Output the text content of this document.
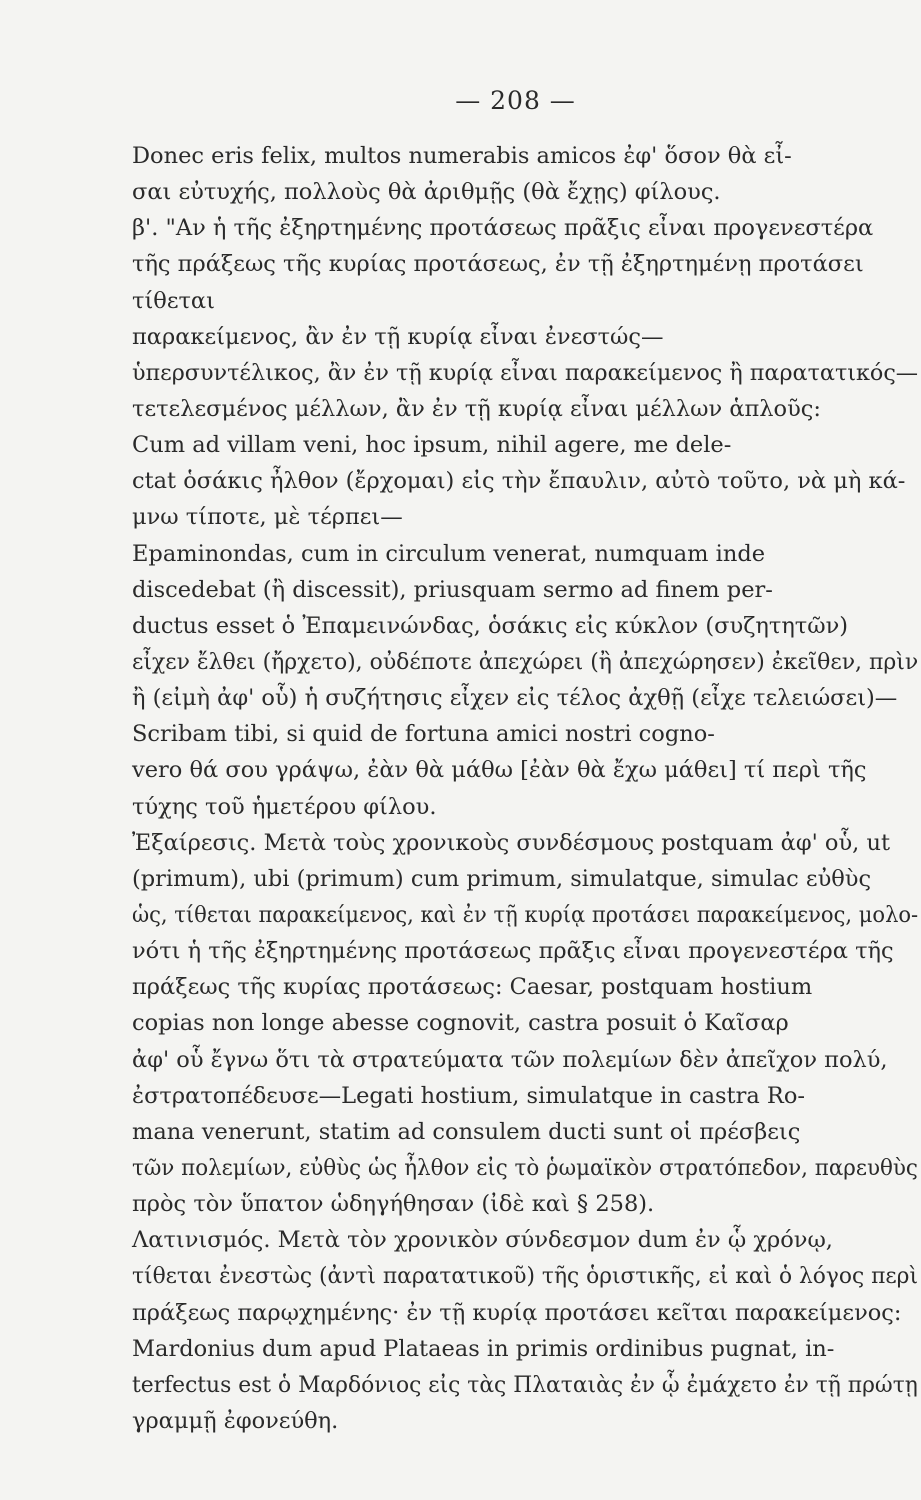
— 208 —
Donec eris felix, multos numerabis amicos ἐφ' ὅσον θὰ εἶ-
σαι εὐτυχής, πολλοὺς θὰ ἀριθμῇς (θὰ ἔχῃς) φίλους.
β'. "Αν ἡ τῆς ἐξηρτημένης προτάσεως πρᾶξις εἶναι προγενεστέρα
τῆς πράξεως τῆς κυρίας προτάσεως, ἐν τῇ ἐξηρτημένῃ προτάσει
τίθεται
παρακείμενος, ἂν ἐν τῇ κυρίᾳ εἶναι ἐνεστώς—
ὑπερσυντέλικος, ἂν ἐν τῇ κυρίᾳ εἶναι παρακείμενος ἢ παρατατικός—
τετελεσμένος μέλλων, ἂν ἐν τῇ κυρίᾳ εἶναι μέλλων ἁπλοῦς:
Cum ad villam veni, hoc ipsum, nihil agere, me dele-
ctat ὁσάκις ἦλθον (ἔρχομαι) εἰς τὴν ἔπαυλιν, αὐτὸ τοῦτο, νὰ μὴ κά-
μνω τίποτε, μὲ τέρπει—
Epaminondas, cum in circulum venerat, numquam inde
discedebat (ἢ discessit), priusquam sermo ad finem per-
ductus esset ὁ Ἐπαμεινώνδας, ὁσάκις εἰς κύκλον (συζητητῶν)
εἶχεν ἔλθει (ἤρχετο), οὐδέποτε ἀπεχώρει (ἢ ἀπεχώρησεν) ἐκεῖθεν, πρὶν
ἢ (εἰμὴ ἀφ' οὗ) ἡ συζήτησις εἶχεν εἰς τέλος ἀχθῇ (εἶχε τελειώσει)—
Scribam tibi, si quid de fortuna amici nostri cogno-
vero θά σου γράψω, ἐὰν θὰ μάθω [ἐὰν θὰ ἔχω μάθει] τί περὶ τῆς
τύχης τοῦ ἡμετέρου φίλου.
Ἐξαίρεσις. Μετὰ τοὺς χρονικοὺς συνδέσμους postquam ἀφ' οὗ, ut
(primum), ubi (primum) cum primum, simulatque, simulac εὐθὺς
ὡς, τίθεται παρακείμενος, καὶ ἐν τῇ κυρίᾳ προτάσει παρακείμενος, μολο-
νότι ἡ τῆς ἐξηρτημένης προτάσεως πρᾶξις εἶναι προγενεστέρα τῆς
πράξεως τῆς κυρίας προτάσεως: Caesar, postquam hostium
copias non longe abesse cognovit, castra posuit ὁ Καῖσαρ
ἀφ' οὗ ἔγνω ὅτι τὰ στρατεύματα τῶν πολεμίων δὲν ἀπεῖχον πολύ,
ἐστρατοπέδευσε—Legati hostium, simulatque in castra Ro-
mana venerunt, statim ad consulem ducti sunt οἱ πρέσβεις
τῶν πολεμίων, εὐθὺς ὡς ἦλθον εἰς τὸ ῥωμαϊκὸν στρατόπεδον, παρευθὺς
πρὸς τὸν ὕπατον ὡδηγήθησαν (ἰδὲ καὶ § 258).
Λατινισμός. Μετὰ τὸν χρονικὸν σύνδεσμον dum ἐν ᾧ χρόνῳ,
τίθεται ἐνεστὼς (ἀντὶ παρατατικοῦ) τῆς ὁριστικῆς, εἰ καὶ ὁ λόγος περὶ
πράξεως παρῳχημένης· ἐν τῇ κυρίᾳ προτάσει κεῖται παρακείμενος:
Mardonius dum apud Plataeas in primis ordinibus pugnat, in-
terfectus est ὁ Μαρδόνιος εἰς τὰς Πλαταιὰς ἐν ᾧ ἐμάχετο ἐν τῇ πρώτῃ
γραμμῇ ἐφονεύθη.
